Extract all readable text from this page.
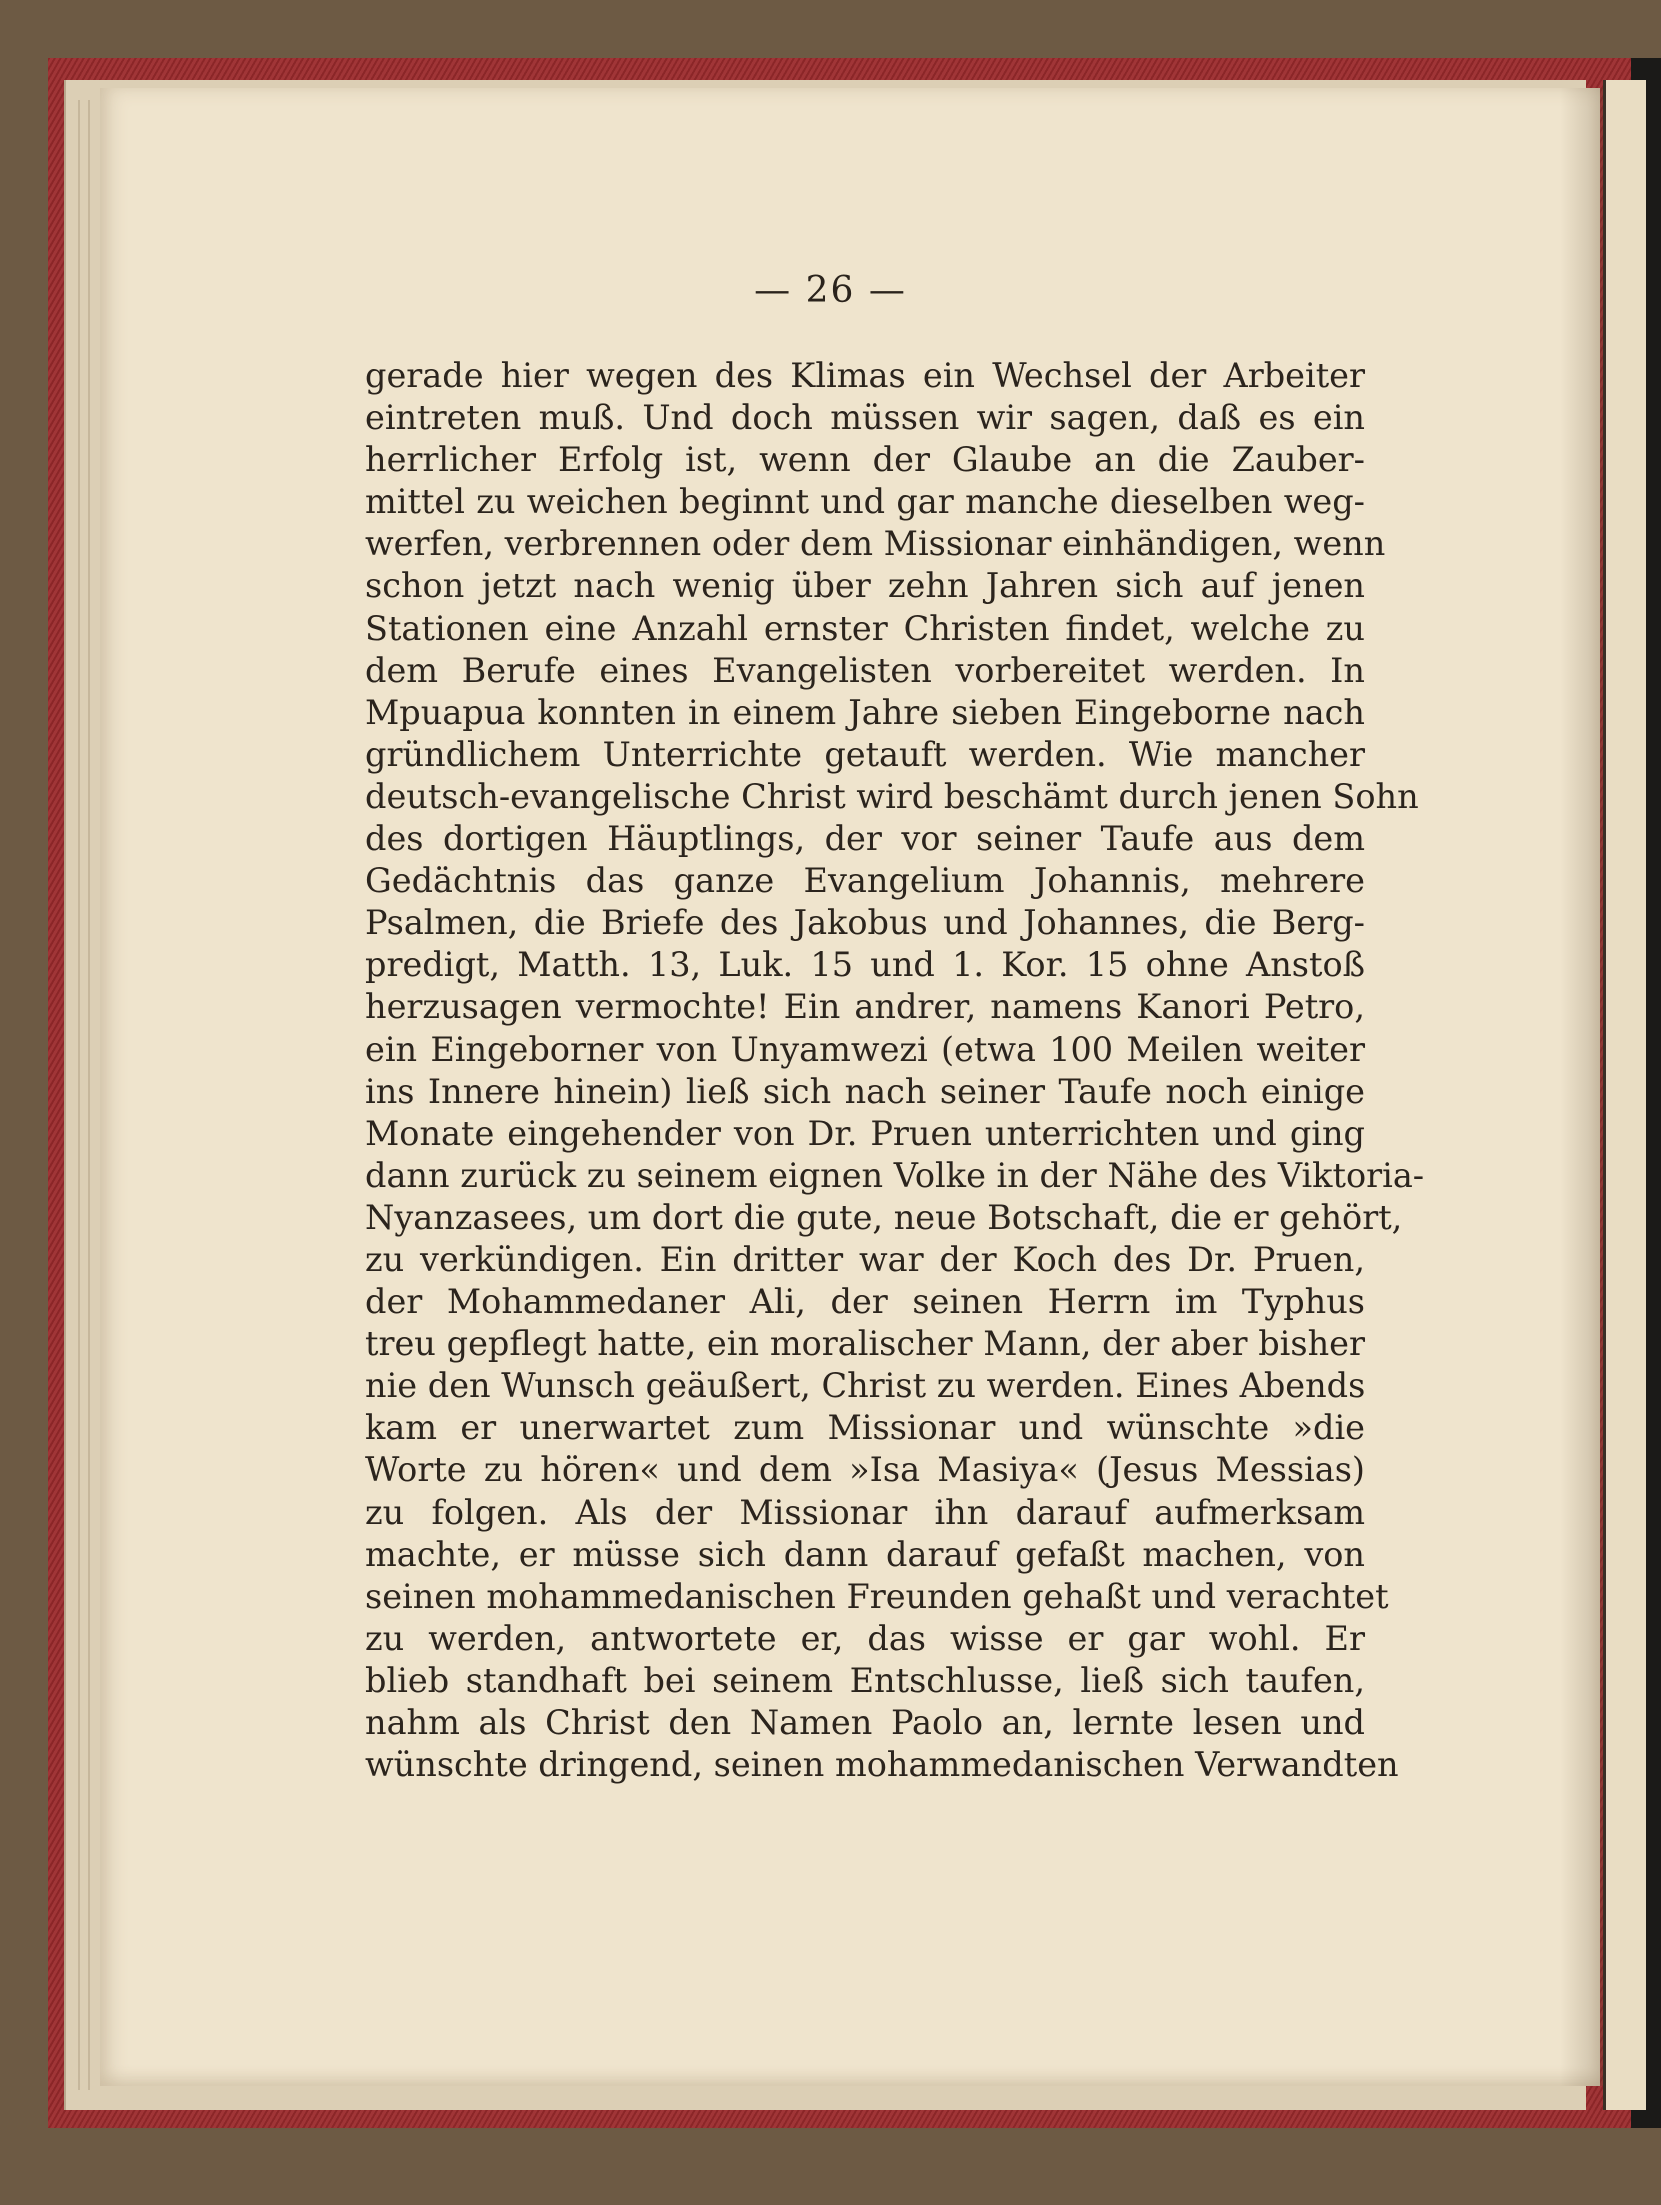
— 26 —
gerade hier wegen des Klimas ein Wechsel der Arbeiter
eintreten muß. Und doch müssen wir sagen, daß es ein
herrlicher Erfolg ist, wenn der Glaube an die Zauber-
mittel zu weichen beginnt und gar manche dieselben weg-
werfen, verbrennen oder dem Missionar einhändigen, wenn
schon jetzt nach wenig über zehn Jahren sich auf jenen
Stationen eine Anzahl ernster Christen findet, welche zu
dem Berufe eines Evangelisten vorbereitet werden. In
Mpuapua konnten in einem Jahre sieben Eingeborne nach
gründlichem Unterrichte getauft werden. Wie mancher
deutsch-evangelische Christ wird beschämt durch jenen Sohn
des dortigen Häuptlings, der vor seiner Taufe aus dem
Gedächtnis das ganze Evangelium Johannis, mehrere
Psalmen, die Briefe des Jakobus und Johannes, die Berg-
predigt, Matth. 13, Luk. 15 und 1. Kor. 15 ohne Anstoß
herzusagen vermochte! Ein andrer, namens Kanori Petro,
ein Eingeborner von Unyamwezi (etwa 100 Meilen weiter
ins Innere hinein) ließ sich nach seiner Taufe noch einige
Monate eingehender von Dr. Pruen unterrichten und ging
dann zurück zu seinem eignen Volke in der Nähe des Viktoria-
Nyanzasees, um dort die gute, neue Botschaft, die er gehört,
zu verkündigen. Ein dritter war der Koch des Dr. Pruen,
der Mohammedaner Ali, der seinen Herrn im Typhus
treu gepflegt hatte, ein moralischer Mann, der aber bisher
nie den Wunsch geäußert, Christ zu werden. Eines Abends
kam er unerwartet zum Missionar und wünschte »die
Worte zu hören« und dem »Isa Masiya« (Jesus Messias)
zu folgen. Als der Missionar ihn darauf aufmerksam
machte, er müsse sich dann darauf gefaßt machen, von
seinen mohammedanischen Freunden gehaßt und verachtet
zu werden, antwortete er, das wisse er gar wohl. Er
blieb standhaft bei seinem Entschlusse, ließ sich taufen,
nahm als Christ den Namen Paolo an, lernte lesen und
wünschte dringend, seinen mohammedanischen Verwandten
